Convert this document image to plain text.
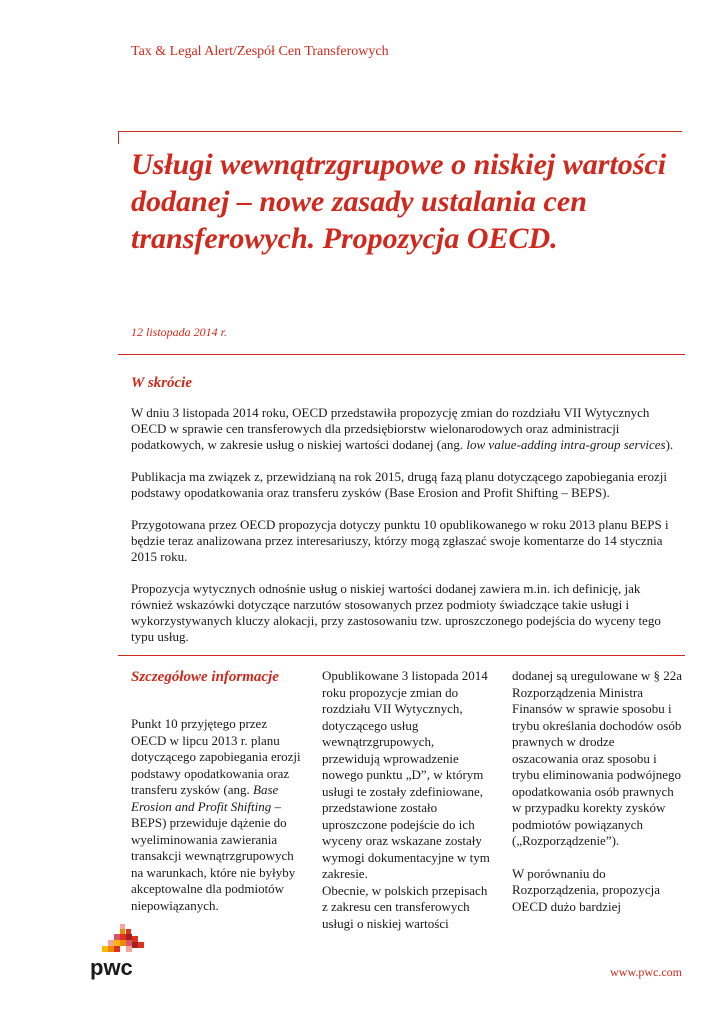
Tax & Legal Alert/Zespół Cen Transferowych
Usługi wewnątrzgrupowe o niskiej wartości dodanej – nowe zasady ustalania cen transferowych. Propozycja OECD.
12 listopada 2014 r.
W skrócie

W dniu 3 listopada 2014 roku, OECD przedstawiła propozycję zmian do rozdziału VII Wytycznych OECD w sprawie cen transferowych dla przedsiębiorstw wielonarodowych oraz administracji podatkowych, w zakresie usług o niskiej wartości dodanej (ang. low value-adding intra-group services).

Publikacja ma związek z, przewidzianą na rok 2015, drugą fazą planu dotyczącego zapobiegania erozji podstawy opodatkowania oraz transferu zysków (Base Erosion and Profit Shifting – BEPS).

Przygotowana przez OECD propozycja dotyczy punktu 10 opublikowanego w roku 2013 planu BEPS i będzie teraz analizowana przez interesariuszy, którzy mogą zgłaszać swoje komentarze do 14 stycznia 2015 roku.

Propozycja wytycznych odnośnie usług o niskiej wartości dodanej zawiera m.in. ich definicję, jak również wskazówki dotyczące narzutów stosowanych przez podmioty świadczące takie usługi i wykorzystywanych kluczy alokacji, przy zastosowaniu tzw. uproszczonego podejścia do wyceny tego typu usług.

Szczegółowe informacje

Punkt 10 przyjętego przez OECD w lipcu 2013 r. planu dotyczącego zapobiegania erozji podstawy opodatkowania oraz transferu zysków (ang. Base Erosion and Profit Shifting – BEPS) przewiduje dążenie do wyeliminowania zawierania transakcji wewnątrzgrupowych na warunkach, które nie byłyby akceptowalne dla podmiotów niepowiązanych.

Opublikowane 3 listopada 2014 roku propozycje zmian do rozdziału VII Wytycznych, dotyczącego usług wewnątrzgrupowych, przewidują wprowadzenie nowego punktu „D”, w którym usługi te zostały zdefiniowane, przedstawione zostało uproszczone podejście do ich wyceny oraz wskazane zostały wymogi dokumentacyjne w tym zakresie.

Obecnie, w polskich przepisach z zakresu cen transferowych usługi o niskiej wartości

dodanej są uregulowane w § 22a Rozporządzenia Ministra Finansów w sprawie sposobu i trybu określania dochodów osób prawnych w drodze oszacowania oraz sposobu i trybu eliminowania podwójnego opodatkowania osób prawnych w przypadku korekty zysków podmiotów powiązanych („Rozporządzenie”).

W porównaniu do Rozporządzenia, propozycja OECD dużo bardziej

pwc	www.pwc.com
